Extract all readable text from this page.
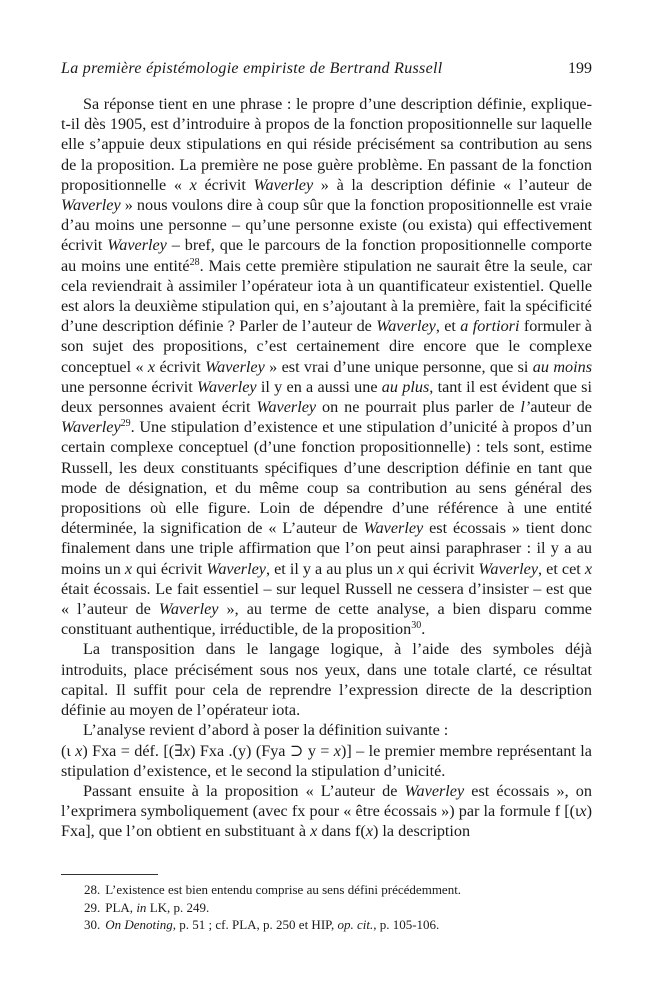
La première épistémologie empiriste de Bertrand Russell	199

Sa réponse tient en une phrase : le propre d’une description définie, explique-t-il dès 1905, est d’introduire à propos de la fonction propositionnelle sur laquelle elle s’appuie deux stipulations en qui réside précisément sa contribution au sens de la proposition. La première ne pose guère problème. En passant de la fonction propositionnelle « x écrivit Waverley » à la description définie « l’auteur de Waverley » nous voulons dire à coup sûr que la fonction propositionnelle est vraie d’au moins une personne – qu’une personne existe (ou exista) qui effectivement écrivit Waverley – bref, que le parcours de la fonction propositionnelle comporte au moins une entité$^{28}$. Mais cette première stipulation ne saurait être la seule, car cela reviendrait à assimiler l’opérateur iota à un quantificateur existentiel. Quelle est alors la deuxième stipulation qui, en s’ajoutant à la première, fait la spécificité d’une description définie ? Parler de l’auteur de Waverley, et a fortiori formuler à son sujet des propositions, c’est certainement dire encore que le complexe conceptuel « x écrivit Waverley » est vrai d’une unique personne, que si au moins une personne écrivit Waverley il y en a aussi une au plus, tant il est évident que si deux personnes avaient écrit Waverley on ne pourrait plus parler de l’auteur de Waverley$^{29}$. Une stipulation d’existence et une stipulation d’unicité à propos d’un certain complexe conceptuel (d’une fonction propositionnelle) : tels sont, estime Russell, les deux constituants spécifiques d’une description définie en tant que mode de désignation, et du même coup sa contribution au sens général des propositions où elle figure. Loin de dépendre d’une référence à une entité déterminée, la signification de « L’auteur de Waverley est écossais » tient donc finalement dans une triple affirmation que l’on peut ainsi paraphraser : il y a au moins un x qui écrivit Waverley, et il y a au plus un x qui écrivit Waverley, et cet x était écossais. Le fait essentiel – sur lequel Russell ne cessera d’insister – est que « l’auteur de Waverley », au terme de cette analyse, a bien disparu comme constituant authentique, irréductible, de la proposition$^{30}$.

La transposition dans le langage logique, à l’aide des symboles déjà introduits, place précisément sous nos yeux, dans une totale clarté, ce résultat capital. Il suffit pour cela de reprendre l’expression directe de la description définie au moyen de l’opérateur iota.

L’analyse revient d’abord à poser la définition suivante :

(ι x) Fxa = déf. [(∃x) Fxa .(y) (Fya ⊃ y = x)] – le premier membre représentant la stipulation d’existence, et le second la stipulation d’unicité.

Passant ensuite à la proposition « L’auteur de Waverley est écossais », on l’exprimera symboliquement (avec fx pour « être écossais ») par la formule f [(ιx) Fxa], que l’on obtient en substituant à x dans f(x) la description

28. L’existence est bien entendu comprise au sens défini précédemment.

29. PLA, in LK, p. 249.

30. On Denoting, p. 51 ; cf. PLA, p. 250 et HIP, op. cit., p. 105-106.
